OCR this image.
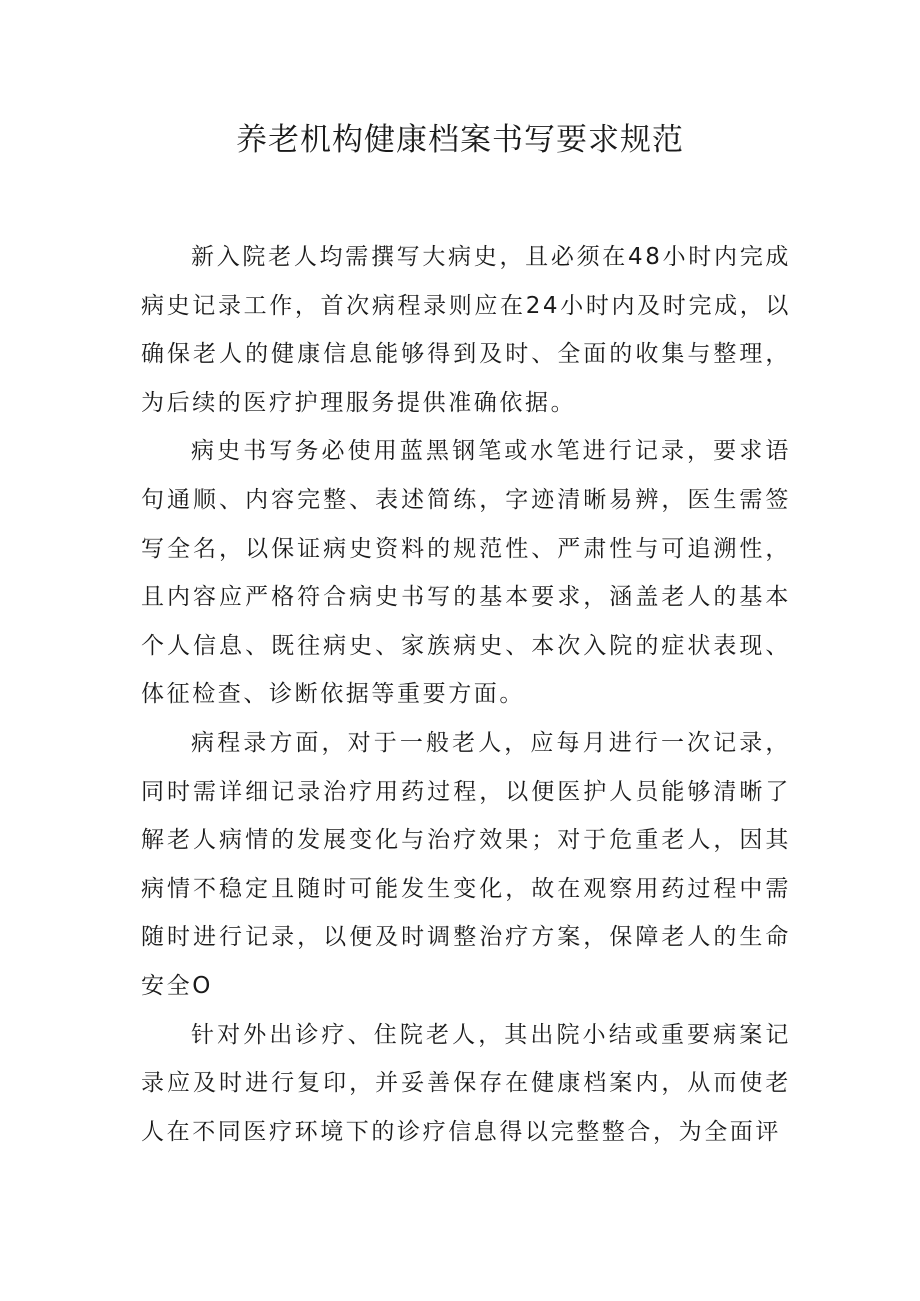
养老机构健康档案书写要求规范

新入院老人均需撰写大病史，且必须在48小时内完成病史记录工作，首次病程录则应在24小时内及时完成，以确保老人的健康信息能够得到及时、全面的收集与整理，为后续的医疗护理服务提供准确依据。

病史书写务必使用蓝黑钢笔或水笔进行记录，要求语句通顺、内容完整、表述简练，字迹清晰易辨，医生需签写全名，以保证病史资料的规范性、严肃性与可追溯性，且内容应严格符合病史书写的基本要求，涵盖老人的基本个人信息、既往病史、家族病史、本次入院的症状表现、体征检查、诊断依据等重要方面。

病程录方面，对于一般老人，应每月进行一次记录，同时需详细记录治疗用药过程，以便医护人员能够清晰了解老人病情的发展变化与治疗效果；对于危重老人，因其病情不稳定且随时可能发生变化，故在观察用药过程中需随时进行记录，以便及时调整治疗方案，保障老人的生命安全O

针对外出诊疗、住院老人，其出院小结或重要病案记录应及时进行复印，并妥善保存在健康档案内，从而使老人在不同医疗环境下的诊疗信息得以完整整合，为全面评
